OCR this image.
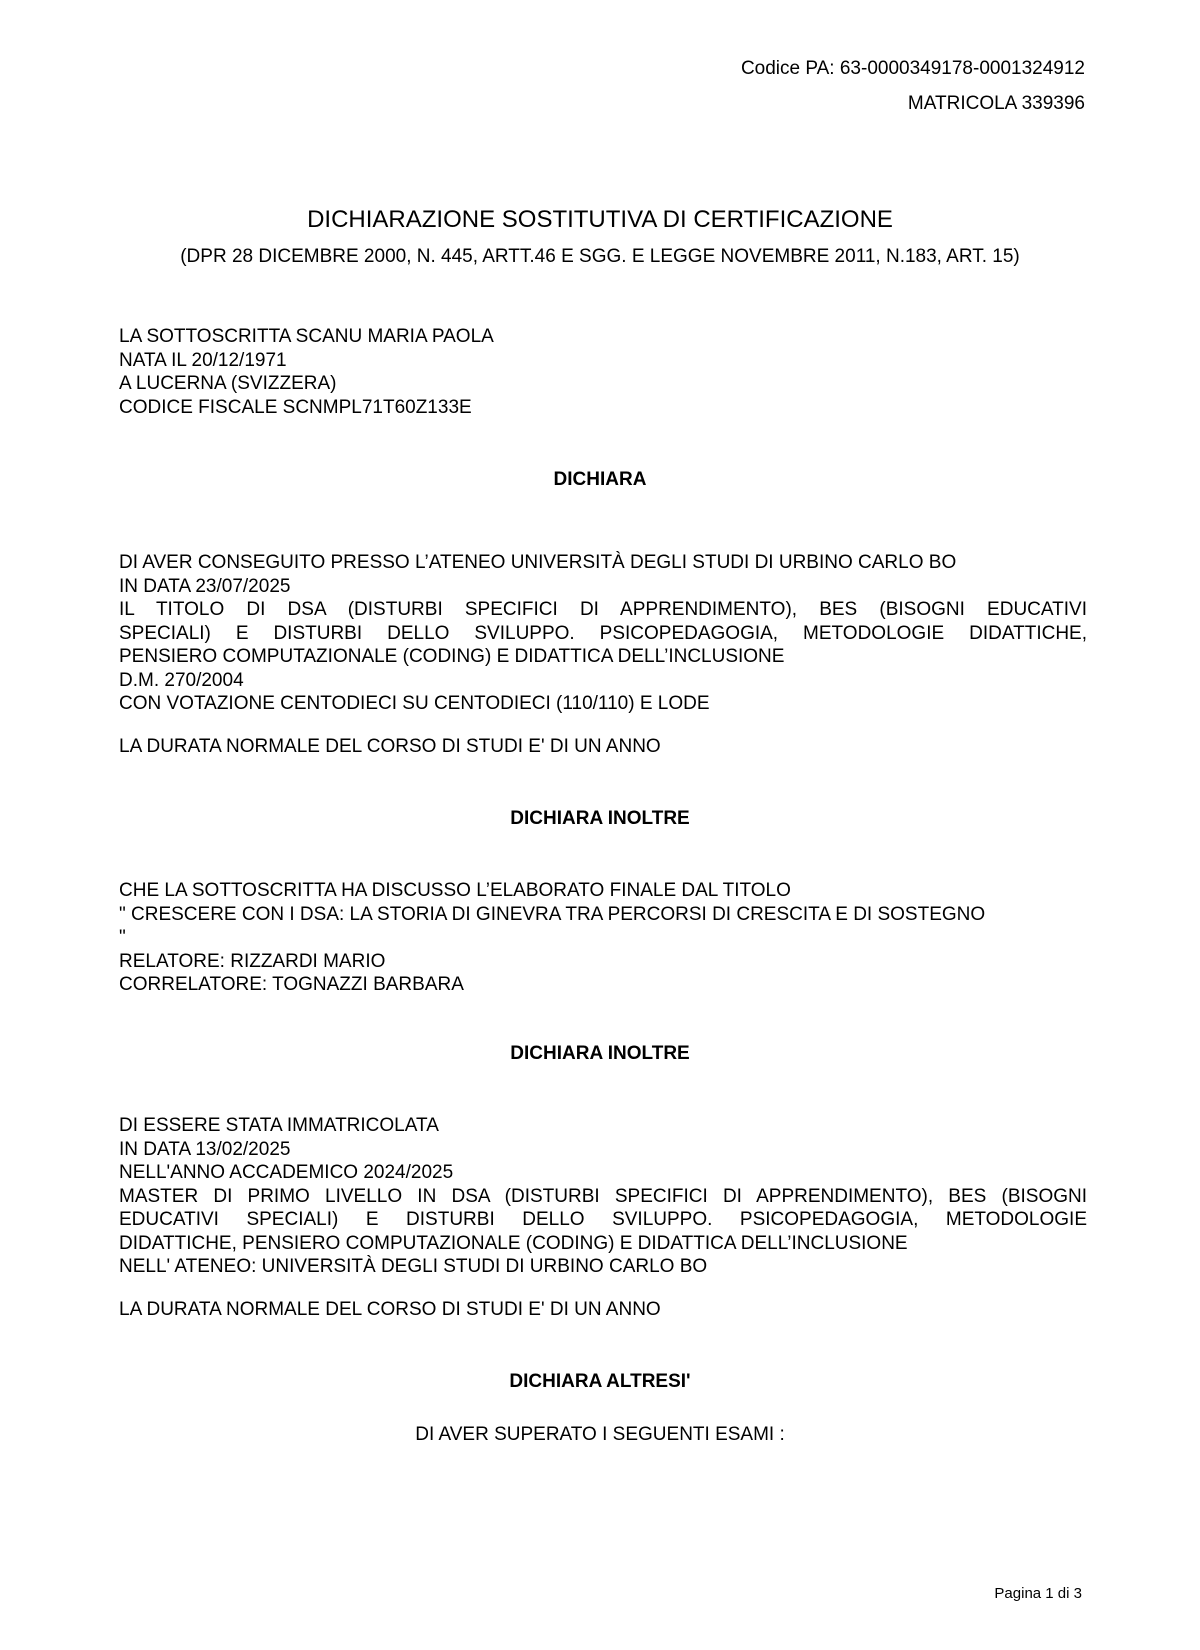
Codice PA: 63-0000349178-0001324912
MATRICOLA 339396
DICHIARAZIONE SOSTITUTIVA DI CERTIFICAZIONE
(DPR 28 DICEMBRE 2000, N. 445, ARTT.46 E SGG. E LEGGE NOVEMBRE 2011, N.183, ART. 15)
LA SOTTOSCRITTA SCANU MARIA PAOLA
NATA IL 20/12/1971
A LUCERNA (SVIZZERA)
CODICE FISCALE SCNMPL71T60Z133E
DICHIARA
DI AVER CONSEGUITO PRESSO L’ATENEO UNIVERSITÀ DEGLI STUDI DI URBINO CARLO BO
IN DATA 23/07/2025
IL TITOLO DI DSA (DISTURBI SPECIFICI DI APPRENDIMENTO), BES (BISOGNI EDUCATIVI
SPECIALI) E DISTURBI DELLO SVILUPPO. PSICOPEDAGOGIA, METODOLOGIE DIDATTICHE,
PENSIERO COMPUTAZIONALE (CODING) E DIDATTICA DELL’INCLUSIONE
D.M. 270/2004
CON VOTAZIONE CENTODIECI SU CENTODIECI (110/110) E LODE
LA DURATA NORMALE DEL CORSO DI STUDI E' DI UN ANNO
DICHIARA INOLTRE
CHE LA SOTTOSCRITTA HA DISCUSSO L’ELABORATO FINALE DAL TITOLO
" CRESCERE CON I DSA: LA STORIA DI GINEVRA TRA PERCORSI DI CRESCITA E DI SOSTEGNO
"
RELATORE: RIZZARDI MARIO
CORRELATORE: TOGNAZZI BARBARA
DICHIARA INOLTRE
DI ESSERE STATA IMMATRICOLATA
IN DATA 13/02/2025
NELL'ANNO ACCADEMICO 2024/2025
MASTER DI PRIMO LIVELLO IN DSA (DISTURBI SPECIFICI DI APPRENDIMENTO), BES (BISOGNI
EDUCATIVI SPECIALI) E DISTURBI DELLO SVILUPPO. PSICOPEDAGOGIA, METODOLOGIE
DIDATTICHE, PENSIERO COMPUTAZIONALE (CODING) E DIDATTICA DELL’INCLUSIONE
NELL' ATENEO: UNIVERSITÀ DEGLI STUDI DI URBINO CARLO BO
LA DURATA NORMALE DEL CORSO DI STUDI E' DI UN ANNO
DICHIARA ALTRESI'
DI AVER SUPERATO I SEGUENTI ESAMI :
Pagina 1 di 3
